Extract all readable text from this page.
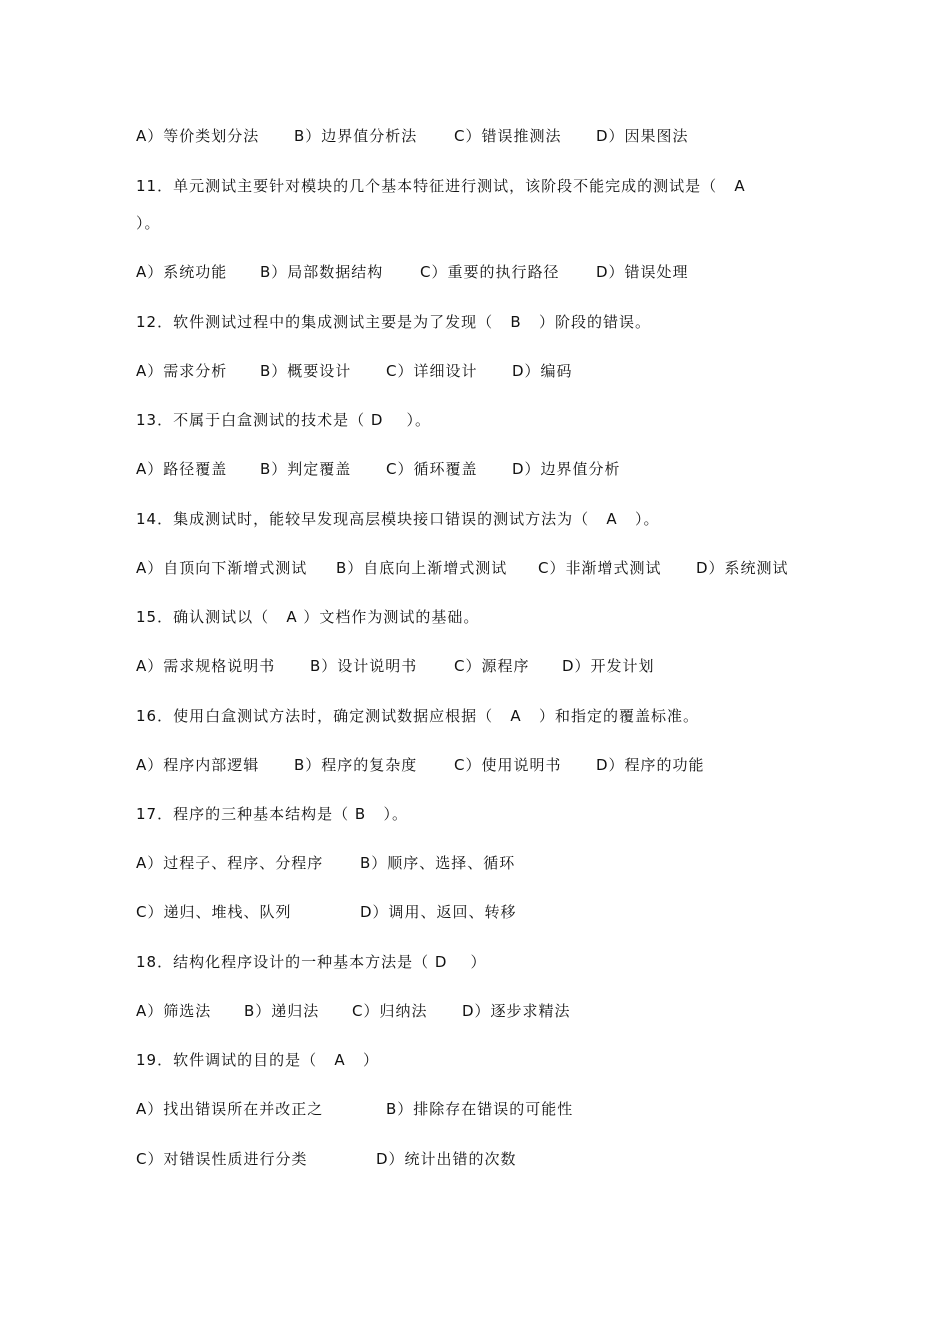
A）等价类划分法 B）边界值分析法 C）错误推测法 D）因果图法
11．单元测试主要针对模块的几个基本特征进行测试，该阶段不能完成的测试是（   A
）。
A）系统功能 B）局部数据结构 C）重要的执行路径 D）错误处理
12．软件测试过程中的集成测试主要是为了发现（   B   ）阶段的错误。
A）需求分析 B）概要设计 C）详细设计 D）编码
13．不属于白盒测试的技术是（ D    ）。
A）路径覆盖 B）判定覆盖 C）循环覆盖 D）边界值分析
14．集成测试时，能较早发现高层模块接口错误的测试方法为（   A   ）。
A）自顶向下渐增式测试 B）自底向上渐增式测试 C）非渐增式测试 D）系统测试
15．确认测试以（   A ）文档作为测试的基础。
A）需求规格说明书 B）设计说明书 C）源程序 D）开发计划
16．使用白盒测试方法时，确定测试数据应根据（   A   ）和指定的覆盖标准。
A）程序内部逻辑 B）程序的复杂度 C）使用说明书 D）程序的功能
17．程序的三种基本结构是（ B   ）。
A）过程子、程序、分程序 B）顺序、选择、循环
C）递归、堆栈、队列	D）调用、返回、转移
18．结构化程序设计的一种基本方法是（ D    ）
A）筛选法 B）递归法 C）归纳法 D）逐步求精法
19．软件调试的目的是（   A   ）
A）找出错误所在并改正之	B）排除存在错误的可能性
C）对错误性质进行分类	D）统计出错的次数
